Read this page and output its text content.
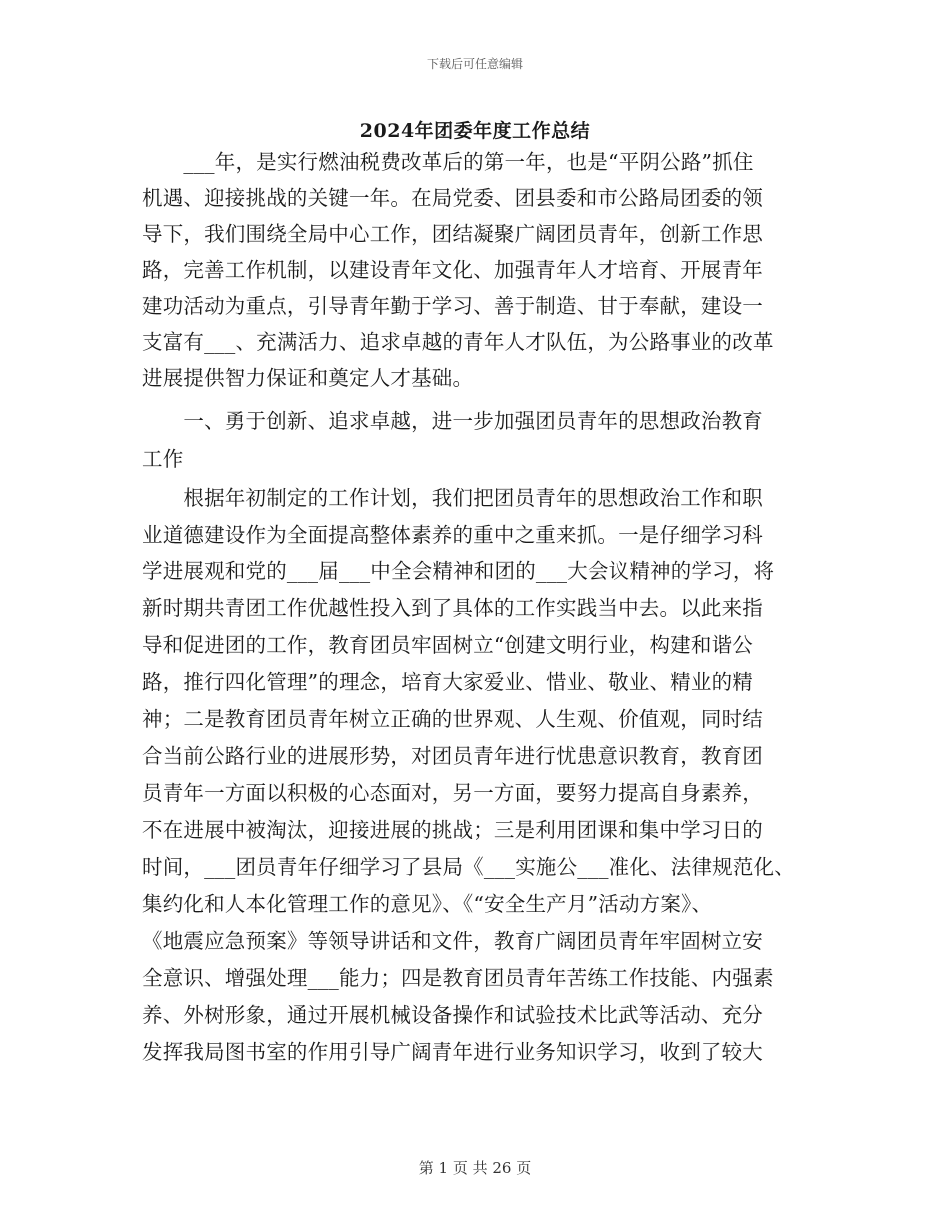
下载后可任意编辑
2024年团委年度工作总结
　　___年，是实行燃油税费改革后的第一年，也是“平阴公路”抓住
机遇、迎接挑战的关键一年。在局党委、团县委和市公路局团委的领
导下，我们围绕全局中心工作，团结凝聚广阔团员青年，创新工作思
路，完善工作机制，以建设青年文化、加强青年人才培育、开展青年
建功活动为重点，引导青年勤于学习、善于制造、甘于奉献，建设一
支富有___、充满活力、追求卓越的青年人才队伍，为公路事业的改革
进展提供智力保证和奠定人才基础。
　　一、勇于创新、追求卓越，进一步加强团员青年的思想政治教育
工作
　　根据年初制定的工作计划，我们把团员青年的思想政治工作和职
业道德建设作为全面提高整体素养的重中之重来抓。一是仔细学习科
学进展观和党的___届___中全会精神和团的___大会议精神的学习，将
新时期共青团工作优越性投入到了具体的工作实践当中去。以此来指
导和促进团的工作，教育团员牢固树立“创建文明行业，构建和谐公
路，推行四化管理”的理念，培育大家爱业、惜业、敬业、精业的精
神；二是教育团员青年树立正确的世界观、人生观、价值观，同时结
合当前公路行业的进展形势，对团员青年进行忧患意识教育，教育团
员青年一方面以积极的心态面对，另一方面，要努力提高自身素养，
不在进展中被淘汰，迎接进展的挑战；三是利用团课和集中学习日的
时间，___团员青年仔细学习了县局《___实施公___准化、法律规范化、
集约化和人本化管理工作的意见》、《“安全生产月”活动方案》、
《地震应急预案》等领导讲话和文件，教育广阔团员青年牢固树立安
全意识、增强处理___能力；四是教育团员青年苦练工作技能、内强素
养、外树形象，通过开展机械设备操作和试验技术比武等活动、充分
发挥我局图书室的作用引导广阔青年进行业务知识学习，收到了较大
第 1 页 共 26 页
